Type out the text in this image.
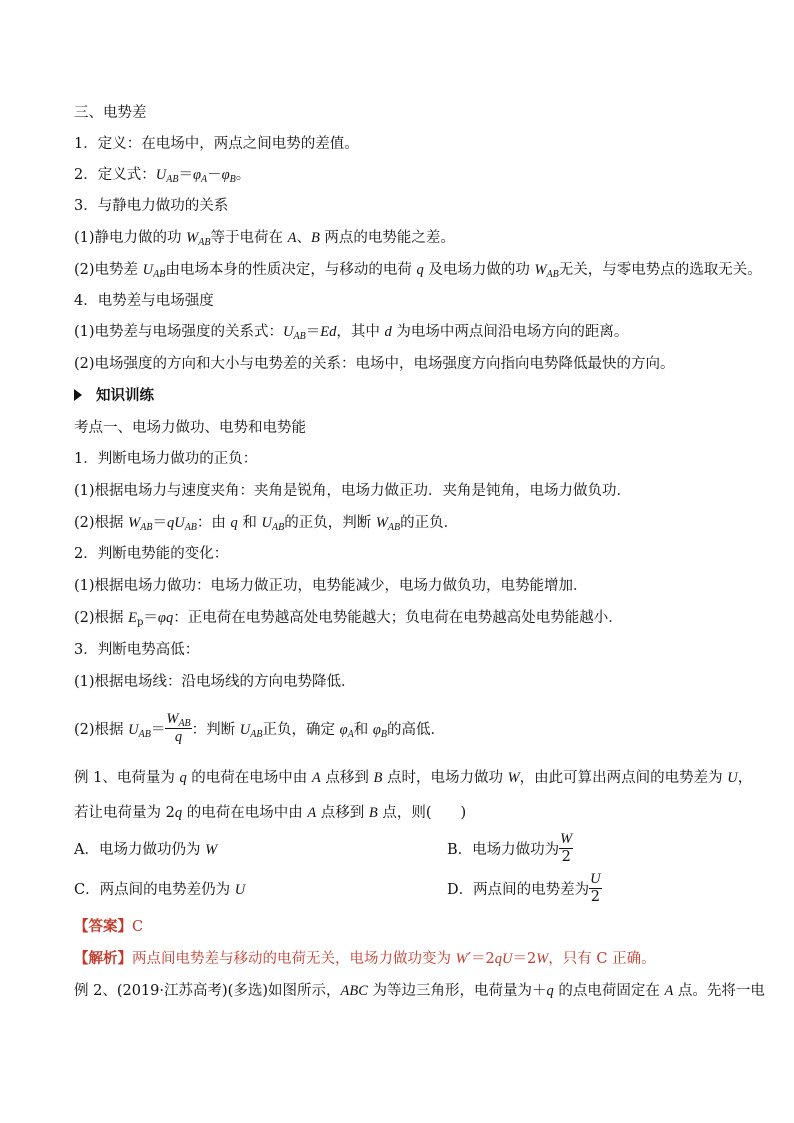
三、电势差
1．定义：在电场中，两点之间电势的差值。
2．定义式：$U_{AB}=\varphi_A-\varphi_B$。
3．与静电力做功的关系
(1)静电力做的功 $W_{AB}$等于电荷在 A、B 两点的电势能之差。
(2)电势差 $U_{AB}$由电场本身的性质决定，与移动的电荷 q 及电场力做的功 $W_{AB}$无关，与零电势点的选取无关。
4．电势差与电场强度
(1)电势差与电场强度的关系式：$U_{AB}=Ed$，其中 d 为电场中两点间沿电场方向的距离。
(2)电场强度的方向和大小与电势差的关系：电场中，电场强度方向指向电势降低最快的方向。
知识训练
考点一、电场力做功、电势和电势能
1．判断电场力做功的正负：
(1)根据电场力与速度夹角：夹角是锐角，电场力做正功．夹角是钝角，电场力做负功．
(2)根据 $W_{AB}=qU_{AB}$：由 q 和 $U_{AB}$的正负，判断 $W_{AB}$的正负．
2．判断电势能的变化：
(1)根据电场力做功：电场力做正功，电势能减少，电场力做负功，电势能增加．
(2)根据 $E_p=\varphi q$：正电荷在电势越高处电势能越大；负电荷在电势越高处电势能越小．
3．判断电势高低：
(1)根据电场线：沿电场线的方向电势降低．
(2)根据 $U_{AB}= \frac{W_{AB}}{q}$ ：判断 $U_{AB}$正负，确定 $\varphi_A$和 $\varphi_B$的高低．
例 1、电荷量为 q 的电荷在电场中由 A 点移到 B 点时，电场力做功 W，由此可算出两点间的电势差为 U，
若让电荷量为 2q 的电荷在电场中由 A 点移到 B 点，则(　　)
A．电场力做功仍为 W	B．电场力做功为 $\frac{W}{2}$
C．两点间的电势差仍为 U	D．两点间的电势差为 $\frac{U}{2}$
【答案】C
【解析】两点间电势差与移动的电荷无关，电场力做功变为 W′＝2qU＝2W，只有 C 正确。
例 2、(2019·江苏高考)(多选)如图所示，ABC 为等边三角形，电荷量为＋q 的点电荷固定在 A 点。先将一电
